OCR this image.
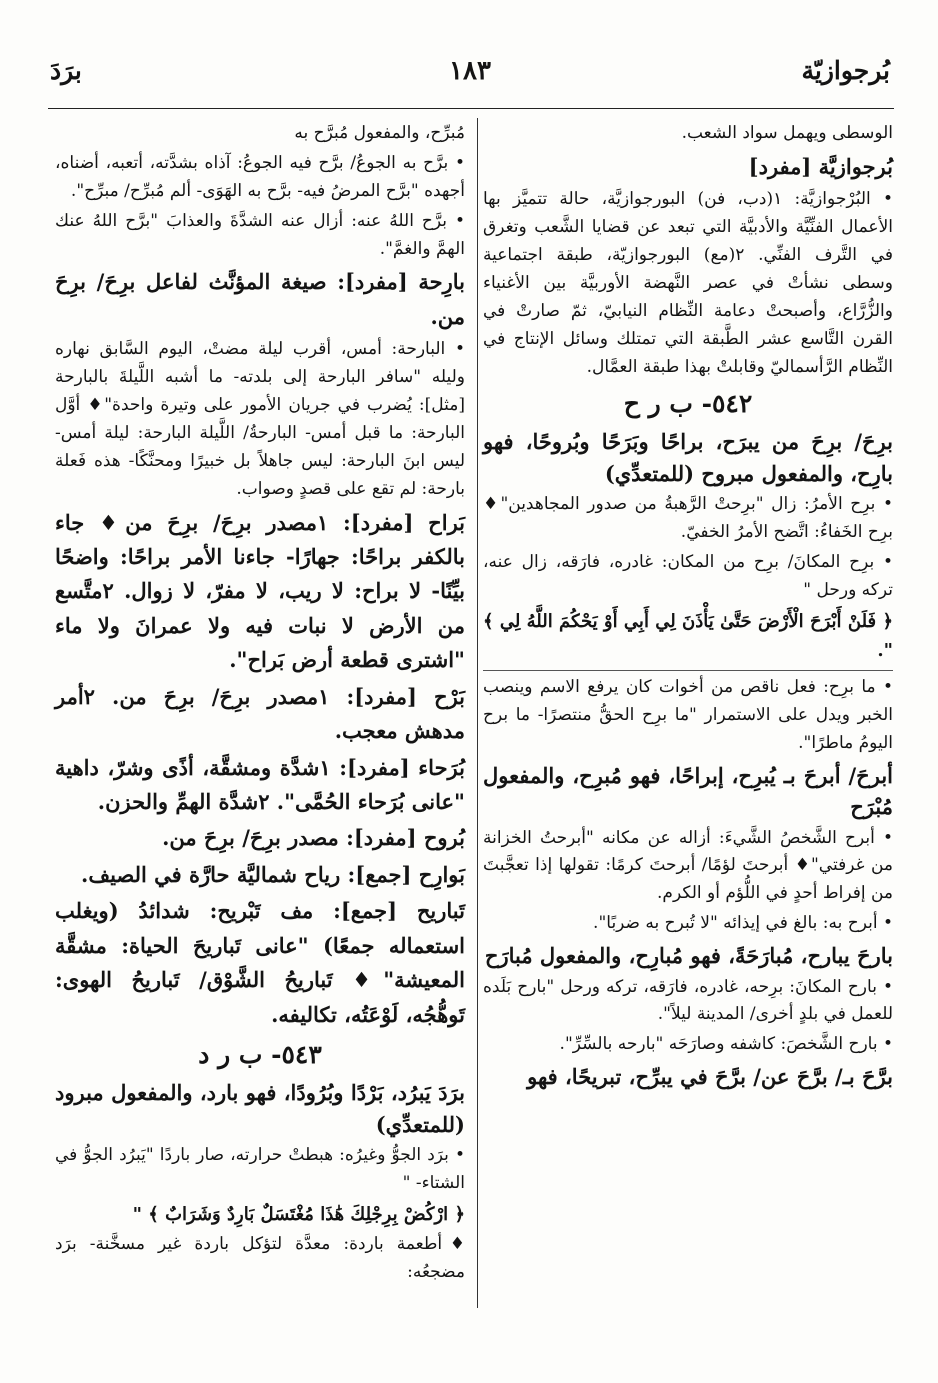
بُرجوازيّة
١٨٣
برَدَ

الوسطى ويهمل سواد الشعب.

بُرجوازيَّة [مفرد]

• البُرْجوازيَّة: ١(دب، فن) البورجوازيَّة، حالة تتميَّز بها الأعمال الفنِّيَّة والأدبيَّة التي تبعد عن قضايا الشَّعب وتغرق في التَّرف الفنِّي. ٢(مع) البورجوازيّة، طبقة اجتماعية وسطى نشأتْ في عصر النَّهضة الأوربيَّة بين الأغنياء والزُّرَّاع، وأصبحتْ دعامة النِّظام النيابيّ، ثمّ صارتْ في القرن التَّاسع عشر الطَّبقة التي تمتلك وسائل الإنتاج في النِّظام الرَّأسماليّ وقابلتْ بهذا طبقة العمَّال.

٥٤٢- ب ر ح

برِحَ/ برِحَ من يبرَح، براحًا وبَرَحًا وبُروحًا، فهو بارِح، والمفعول مبروح (للمتعدِّي)

• برِح الأمرُ: زال "برِحتْ الرَّهبةُ من صدور المجاهدين"♦ برِح الخَفاءُ: اتَّضح الأمرُ الخفيّ.

• برِح المكانَ/ برِح من المكان: غادره، فارَقه، زال عنه، تركه ورحل "

﴿ فَلَنْ أَبْرَحَ الْأَرْضَ حَتَّىٰ يَأْذَنَ لِي أَبِي أَوْ يَحْكُمَ اللَّهُ لِي ﴾ ".

• ما برِح: فعل ناقص من أخوات كان يرفع الاسم وينصب الخبر ويدل على الاستمرار "ما برِح الحقُّ منتصرًا- ما برح اليومُ ماطرًا".

أبرحَ/ أبرحَ بـ يُبرِح، إبراحًا، فهو مُبرِح، والمفعول مُبْرَح

• أبرح الشَّخصُ الشَّيءَ: أزاله عن مكانه "أبرحتُ الخزانة من غرفتي"♦ أبرحتَ لؤمًا/ أبرحتَ كرمًا: تقولها إذا تعجَّبتَ من إفراط أحدٍ في اللُّؤم أو الكرم.

• أبرح به: بالغ في إيذائه "لا تُبرح به ضربًا".

بارحَ يبارح، مُبارَحَةً، فهو مُبارِح، والمفعول مُبارَح

• بارح المكانَ: برِحه، غادره، فارَقه، تركه ورحل "بارح بَلَده للعمل في بلدٍ أخرى/ المدينة ليلاً".

• بارح الشَّخصَ: كاشفه وصارَحَه "بارحه بالسِّرِّ".

برَّحَ بـ/ برَّحَ عن/ برَّحَ في يبرِّح، تبريحًا، فهو

مُبرِّح، والمفعول مُبرَّح به

• برَّح به الجوعُ/ برَّح فيه الجوعُ: آذاه بشدَّته، أتعبه، أضناه، أجهده "برَّح المرضُ فيه- برَّح به الهَوَى- ألم مُبرِّح/ مبرِّح".

• برَّح اللهُ عنه: أزال عنه الشدَّةَ والعذابَ "برَّح اللهُ عنك الهمَّ والغمَّ".

بارِحة [مفرد]: صيغة المؤنَّث لفاعل برِحَ/ برِحَ من.

• البارحة: أمس، أقرب ليلة مضتْ، اليوم السَّابق نهاره وليله "سافر البارحة إلى بلدته- ما أشبه اللَّيلةَ بالبارحة [مثل]: يُضرب في جريان الأمور على وتيرة واحدة"♦ أوَّل البارحة: ما قبل أمس- البارحةُ/ اللَّيلة البارحة: ليلة أمس- ليس ابنَ البارحة: ليس جاهلاً بل خبيرًا ومحنَّكًا- هذه فَعلة بارحة: لم تقع على قصدٍ وصواب.

بَراح [مفرد]: ١مصدر برِحَ/ برِحَ من♦ جاء بالكفر براحًا: جهارًا- جاءنا الأمر براحًا: واضحًا بيِّنًا- لا براح: لا ريب، لا مفرّ، لا زوال. ٢متَّسع من الأرض لا نبات فيه ولا عمرانَ ولا ماء "اشترى قطعة أرض بَراح".

بَرْح [مفرد]: ١مصدر برِحَ/ برِحَ من. ٢أمر مدهش معجب.

بُرَحاء [مفرد]: ١شدَّة ومشقَّة، أذًى وشرّ، داهية "عانى بُرَحاء الحُمَّى". ٢شدَّة الهمِّ والحزن.

بُروح [مفرد]: مصدر برِحَ/ برِحَ من.

بَوارِح [جمع]: رياح شماليَّة حارَّة في الصيف.

تَباريح [جمع]: مف تَبْريح: شدائدُ (ويغلب استعماله جمعًا) "عانى تَباريحَ الحياة: مشقَّة المعيشة"♦ تَباريحُ الشَّوْق/ تَباريحُ الهوى: تَوهُّجُه، لَوْعَتُه، تكاليفه.

٥٤٣- ب ر د

برَدَ يَبرُد، بَرْدًا وبُرُودًا، فهو بارد، والمفعول مبرود (للمتعدِّي)

• برَد الجوُّ وغيرُه: هبطتْ حرارته، صار باردًا "يَبرُد الجوُّ في الشتاء- "

﴿ ارْكُضْ بِرِجْلِكَ هَٰذَا مُغْتَسَلٌ بَارِدٌ وَشَرَابٌ ﴾ "

♦أطعمة باردة: معدَّة لتؤكل باردة غير مسخَّنة- برَد مضجعُه:
